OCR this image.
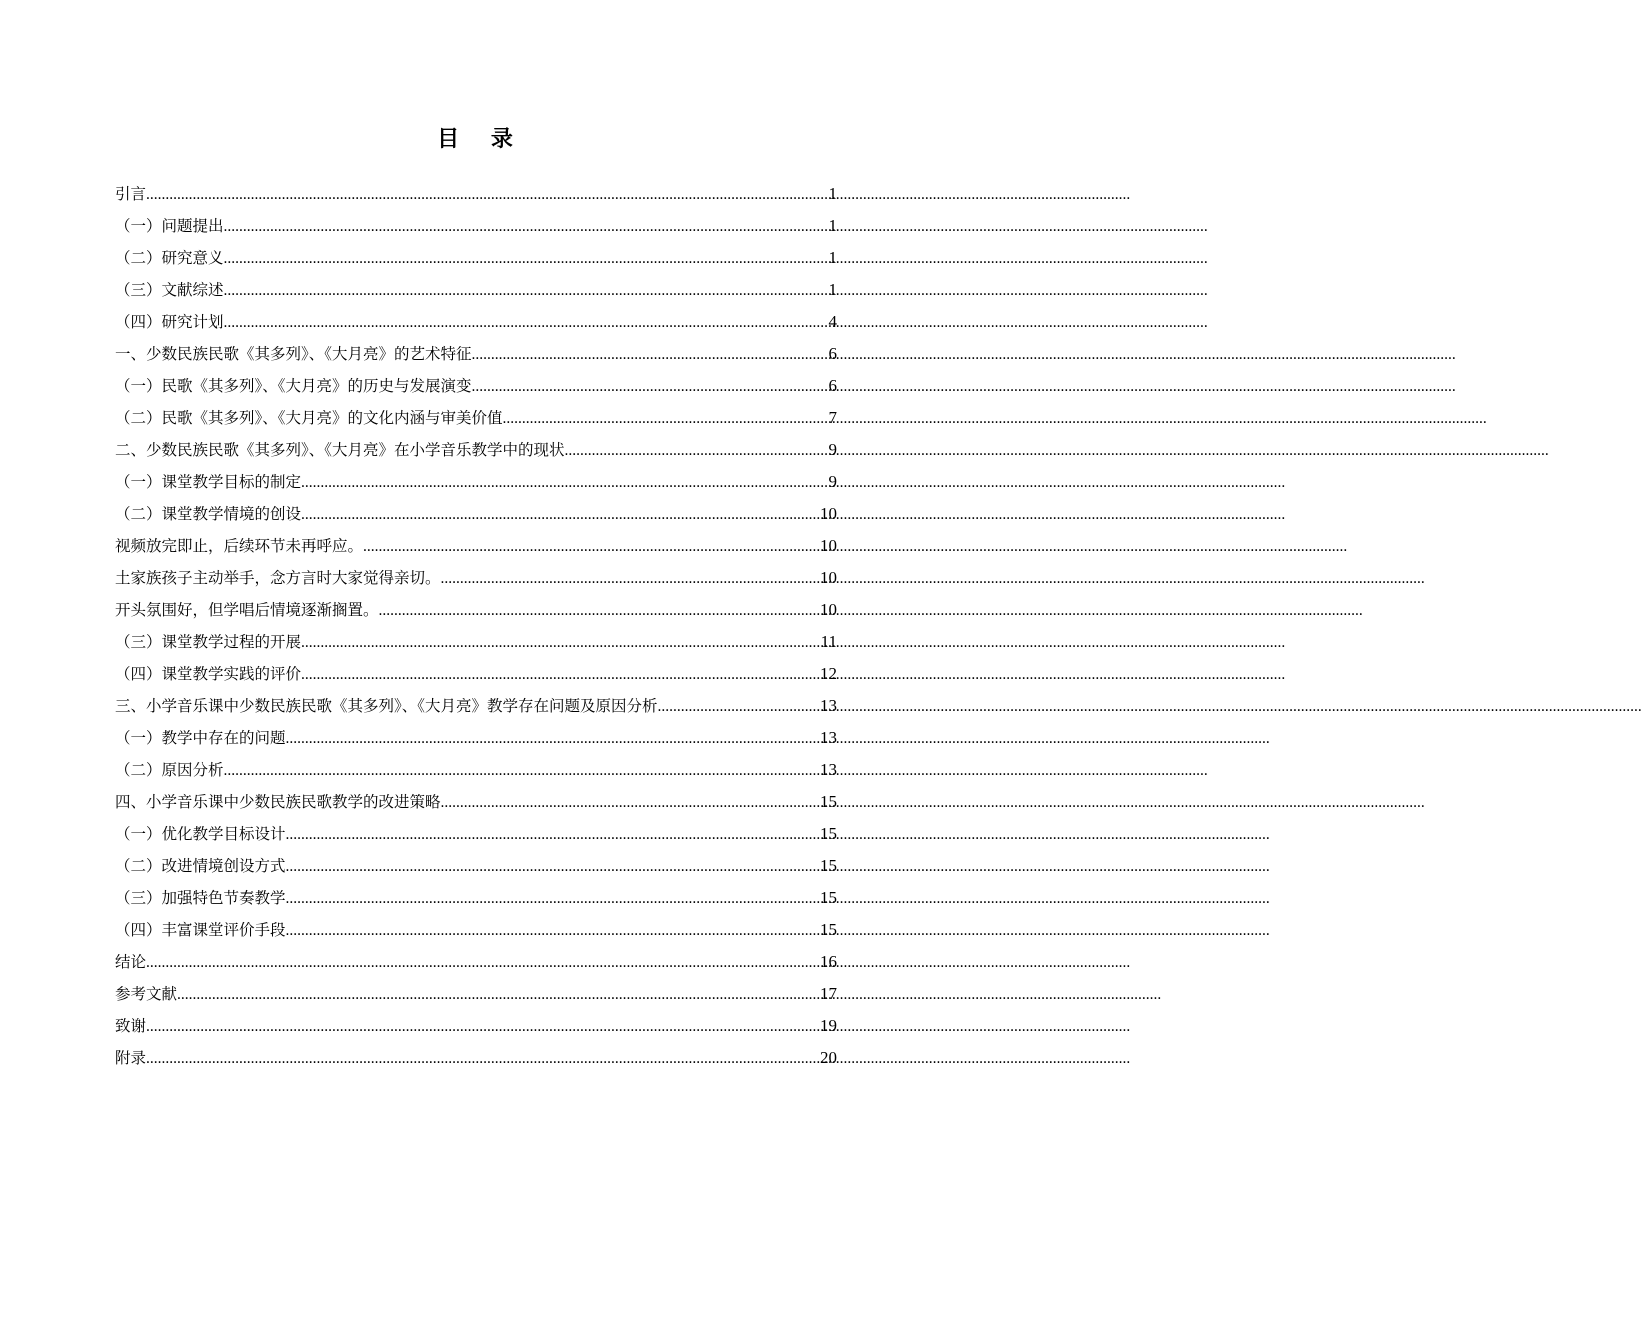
目 录
引言 .....	1
（一）问题提出 .....	1
（二）研究意义 .....	1
（三）文献综述 .....	1
（四）研究计划 .....	4
一、少数民族民歌《其多列》、《大月亮》的艺术特征 .....	6
（一）民歌《其多列》、《大月亮》的历史与发展演变 .....	6
（二）民歌《其多列》、《大月亮》的文化内涵与审美价值 .....	7
二、少数民族民歌《其多列》、《大月亮》在小学音乐教学中的现状 .....	9
（一）课堂教学目标的制定 .....	9
（二）课堂教学情境的创设 .....	10
视频放完即止，后续环节未再呼应。 .....	10
土家族孩子主动举手，念方言时大家觉得亲切。 .....	10
开头氛围好，但学唱后情境逐渐搁置。 .....	10
（三）课堂教学过程的开展 .....	11
（四）课堂教学实践的评价 .....	12
三、小学音乐课中少数民族民歌《其多列》、《大月亮》教学存在问题及原因分析 .....	13
（一）教学中存在的问题 .....	13
（二）原因分析 .....	13
四、小学音乐课中少数民族民歌教学的改进策略 .....	15
（一）优化教学目标设计 .....	15
（二）改进情境创设方式 .....	15
（三）加强特色节奏教学 .....	15
（四）丰富课堂评价手段 .....	15
结论 .....	16
参考文献 .....	17
致谢 .....	19
附录 .....	20
